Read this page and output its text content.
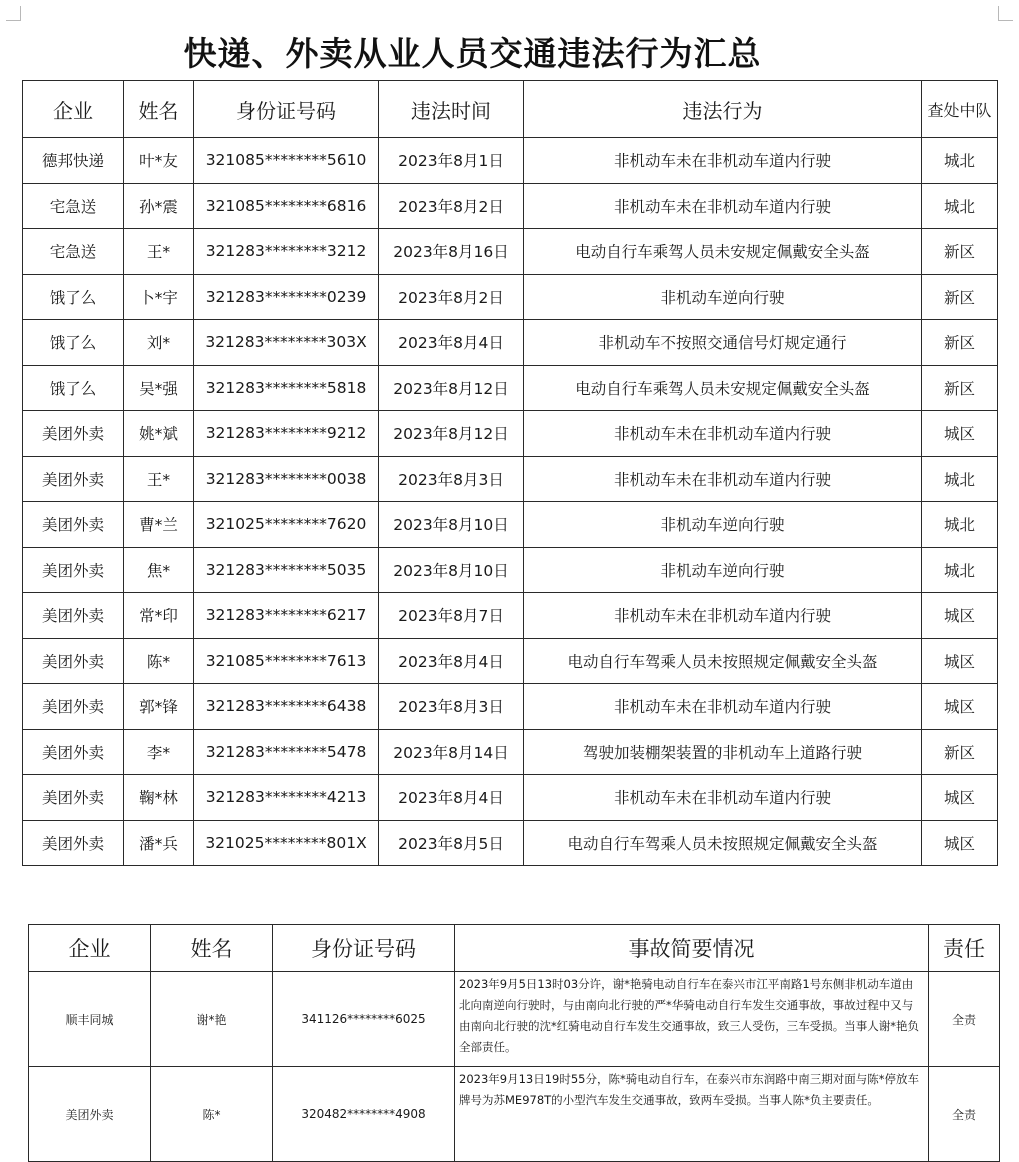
快递、外卖从业人员交通违法行为汇总
企业	姓名	身份证号码	违法时间	违法行为	查处中队
德邦快递	叶*友	321085********5610	2023年8月1日	非机动车未在非机动车道内行驶	城北
宅急送	孙*震	321085********6816	2023年8月2日	非机动车未在非机动车道内行驶	城北
宅急送	王*	321283********3212	2023年8月16日	电动自行车乘驾人员未安规定佩戴安全头盔	新区
饿了么	卜*宇	321283********0239	2023年8月2日	非机动车逆向行驶	新区
饿了么	刘*	321283********303X	2023年8月4日	非机动车不按照交通信号灯规定通行	新区
饿了么	吴*强	321283********5818	2023年8月12日	电动自行车乘驾人员未安规定佩戴安全头盔	新区
美团外卖	姚*斌	321283********9212	2023年8月12日	非机动车未在非机动车道内行驶	城区
美团外卖	王*	321283********0038	2023年8月3日	非机动车未在非机动车道内行驶	城北
美团外卖	曹*兰	321025********7620	2023年8月10日	非机动车逆向行驶	城北
美团外卖	焦*	321283********5035	2023年8月10日	非机动车逆向行驶	城北
美团外卖	常*印	321283********6217	2023年8月7日	非机动车未在非机动车道内行驶	城区
美团外卖	陈*	321085********7613	2023年8月4日	电动自行车驾乘人员未按照规定佩戴安全头盔	城区
美团外卖	郭*锋	321283********6438	2023年8月3日	非机动车未在非机动车道内行驶	城区
美团外卖	李*	321283********5478	2023年8月14日	驾驶加装棚架装置的非机动车上道路行驶	新区
美团外卖	鞠*林	321283********4213	2023年8月4日	非机动车未在非机动车道内行驶	城区
美团外卖	潘*兵	321025********801X	2023年8月5日	电动自行车驾乘人员未按照规定佩戴安全头盔	城区
企业	姓名	身份证号码	事故简要情况	责任
顺丰同城	谢*艳	341126********6025	2023年9月5日13时03分许，谢*艳骑电动自行车在泰兴市江平南路1号东侧非机动车道由北向南逆向行驶时，与由南向北行驶的严*华骑电动自行车发生交通事故，事故过程中又与由南向北行驶的沈*红骑电动自行车发生交通事故，致三人受伤，三车受损。当事人谢*艳负全部责任。	全责
美团外卖	陈*	320482********4908	2023年9月13日19时55分，陈*骑电动自行车，在泰兴市东润路中南三期对面与陈*停放车牌号为苏ME978T的小型汽车发生交通事故，致两车受损。当事人陈*负主要责任。	全责
